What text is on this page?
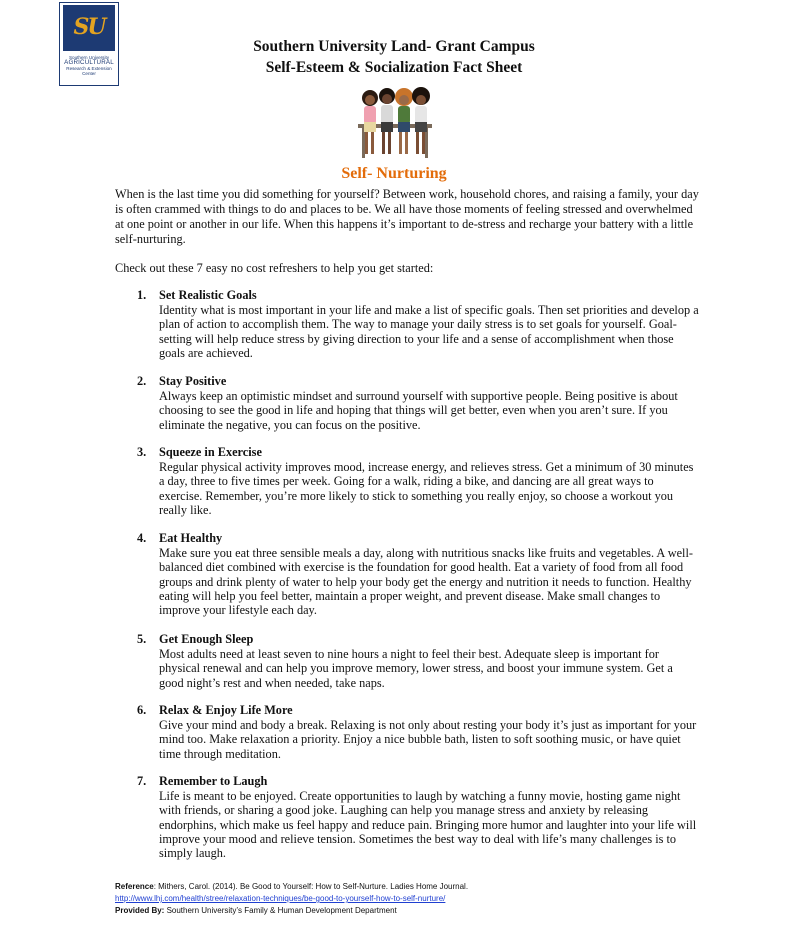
SU
Southern University
AGRICULTURAL
Research & Extension
Center
Southern University Land- Grant Campus
Self-Esteem & Socialization Fact Sheet
Self- Nurturing

When is the last time you did something for yourself? Between work, household chores, and raising a family, your day is often crammed with things to do and places to be. We all have those moments of feeling stressed and overwhelmed at one point or another in our life. When this happens it’s important to de-stress and recharge your battery with a little self-nurturing.

Check out these 7 easy no cost refreshers to help you get started:

1. Set Realistic Goals

Identity what is most important in your life and make a list of specific goals. Then set priorities and develop a plan of action to accomplish them. The way to manage your daily stress is to set goals for yourself. Goal-setting will help reduce stress by giving direction to your life and a sense of accomplishment when those goals are achieved.

2. Stay Positive

Always keep an optimistic mindset and surround yourself with supportive people. Being positive is about choosing to see the good in life and hoping that things will get better, even when you aren’t sure. If you eliminate the negative, you can focus on the positive.

3. Squeeze in Exercise

Regular physical activity improves mood, increase energy, and relieves stress. Get a minimum of 30 minutes a day, three to five times per week. Going for a walk, riding a bike, and dancing are all great ways to exercise. Remember, you’re more likely to stick to something you really enjoy, so choose a workout you really like.

4. Eat Healthy

Make sure you eat three sensible meals a day, along with nutritious snacks like fruits and vegetables. A well-balanced diet combined with exercise is the foundation for good health. Eat a variety of food from all food groups and drink plenty of water to help your body get the energy and nutrition it needs to function. Healthy eating will help you feel better, maintain a proper weight, and prevent disease. Make small changes to improve your lifestyle each day.

5. Get Enough Sleep

Most adults need at least seven to nine hours a night to feel their best. Adequate sleep is important for physical renewal and can help you improve memory, lower stress, and boost your immune system. Get a good night’s rest and when needed, take naps.

6. Relax & Enjoy Life More

Give your mind and body a break. Relaxing is not only about resting your body it’s just as important for your mind too. Make relaxation a priority. Enjoy a nice bubble bath, listen to soft soothing music, or have quiet time through meditation.

7. Remember to Laugh

Life is meant to be enjoyed. Create opportunities to laugh by watching a funny movie, hosting game night with friends, or sharing a good joke. Laughing can help you manage stress and anxiety by releasing endorphins, which make us feel happy and reduce pain. Bringing more humor and laughter into your life will improve your mood and relieve tension. Sometimes the best way to deal with life’s many challenges is to simply laugh.

Reference: Mithers, Carol. (2014). Be Good to Yourself: How to Self-Nurture. Ladies Home Journal.

http://www.lhj.com/health/stree/relaxation-techniques/be-good-to-yourself-how-to-self-nurture/

Provided By: Southern University’s Family & Human Development Department
